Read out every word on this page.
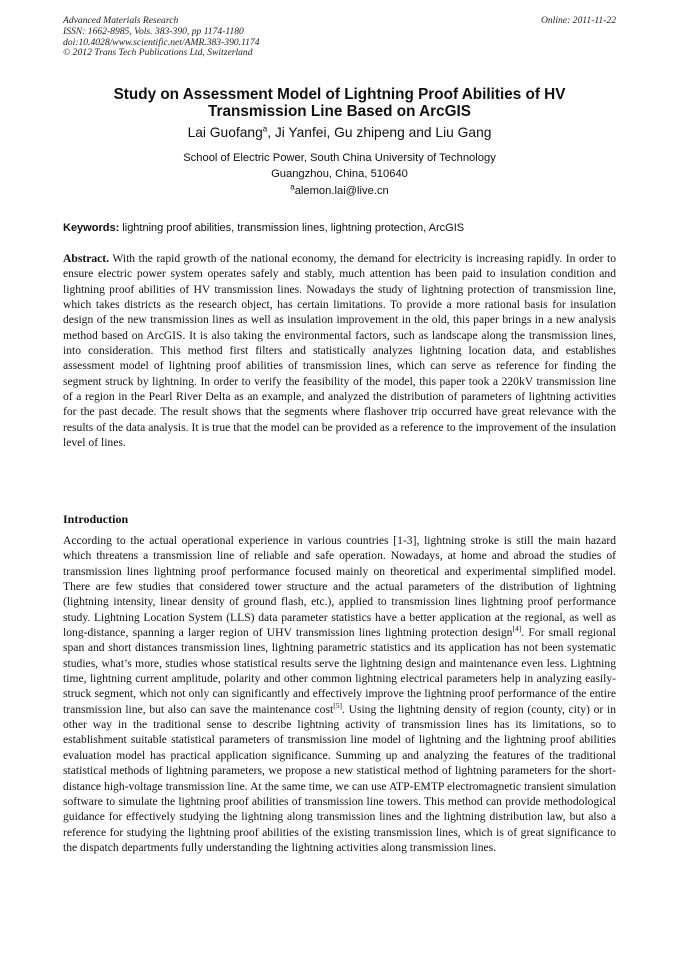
Advanced Materials Research
ISSN: 1662-8985, Vols. 383-390, pp 1174-1180
doi:10.4028/www.scientific.net/AMR.383-390.1174
© 2012 Trans Tech Publications Ltd, Switzerland
Online: 2011-11-22
Study on Assessment Model of Lightning Proof Abilities of HV Transmission Line Based on ArcGIS
Lai Guofang$^a$, Ji Yanfei, Gu zhipeng and Liu Gang
School of Electric Power, South China University of Technology
Guangzhou, China, 510640
$^a$alemon.lai@live.cn
Keywords: lightning proof abilities, transmission lines, lightning protection, ArcGIS
Abstract. With the rapid growth of the national economy, the demand for electricity is increasing rapidly. In order to ensure electric power system operates safely and stably, much attention has been paid to insulation condition and lightning proof abilities of HV transmission lines. Nowadays the study of lightning protection of transmission line, which takes districts as the research object, has certain limitations. To provide a more rational basis for insulation design of the new transmission lines as well as insulation improvement in the old, this paper brings in a new analysis method based on ArcGIS. It is also taking the environmental factors, such as landscape along the transmission lines, into consideration. This method first filters and statistically analyzes lightning location data, and establishes assessment model of lightning proof abilities of transmission lines, which can serve as reference for finding the segment struck by lightning. In order to verify the feasibility of the model, this paper took a 220kV transmission line of a region in the Pearl River Delta as an example, and analyzed the distribution of parameters of lightning activities for the past decade. The result shows that the segments where flashover trip occurred have great relevance with the results of the data analysis. It is true that the model can be provided as a reference to the improvement of the insulation level of lines.
Introduction
According to the actual operational experience in various countries [1-3], lightning stroke is still the main hazard which threatens a transmission line of reliable and safe operation. Nowadays, at home and abroad the studies of transmission lines lightning proof performance focused mainly on theoretical and experimental simplified model. There are few studies that considered tower structure and the actual parameters of the distribution of lightning (lightning intensity, linear density of ground flash, etc.), applied to transmission lines lightning proof performance study. Lightning Location System (LLS) data parameter statistics have a better application at the regional, as well as long-distance, spanning a larger region of UHV transmission lines lightning protection design[4]. For small regional span and short distances transmission lines, lightning parametric statistics and its application has not been systematic studies, what’s more, studies whose statistical results serve the lightning design and maintenance even less. Lightning time, lightning current amplitude, polarity and other common lightning electrical parameters help in analyzing easily-struck segment, which not only can significantly and effectively improve the lightning proof performance of the entire transmission line, but also can save the maintenance cost[5]. Using the lightning density of region (county, city) or in other way in the traditional sense to describe lightning activity of transmission lines has its limitations, so to establishment suitable statistical parameters of transmission line model of lightning and the lightning proof abilities evaluation model has practical application significance. Summing up and analyzing the features of the traditional statistical methods of lightning parameters, we propose a new statistical method of lightning parameters for the short-distance high-voltage transmission line. At the same time, we can use ATP-EMTP electromagnetic transient simulation software to simulate the lightning proof abilities of transmission line towers. This method can provide methodological guidance for effectively studying the lightning along transmission lines and the lightning distribution law, but also a reference for studying the lightning proof abilities of the existing transmission lines, which is of great significance to the dispatch departments fully understanding the lightning activities along transmission lines.
